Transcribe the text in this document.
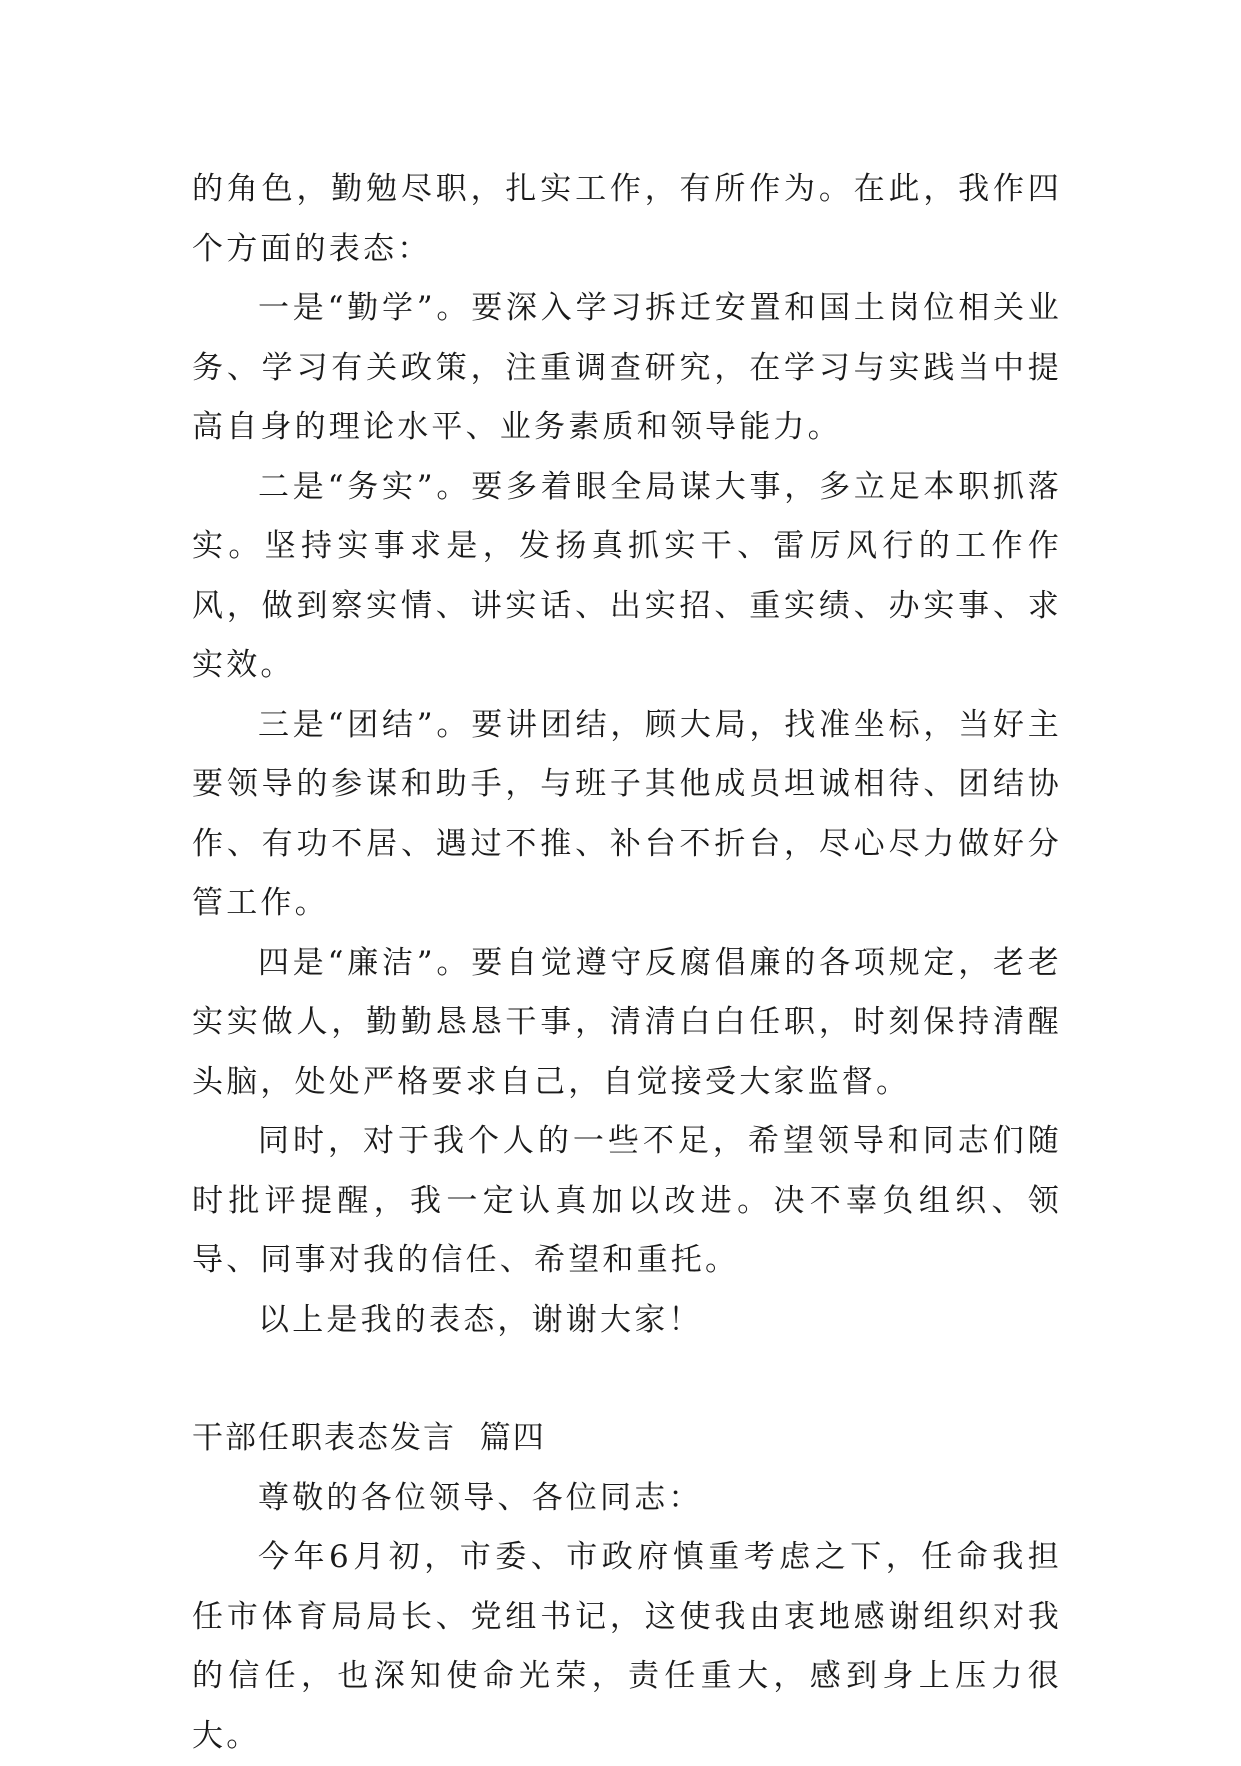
的角色，勤勉尽职，扎实工作，有所作为。在此，我作四个方面的表态：

一是“勤学”。要深入学习拆迁安置和国土岗位相关业务、学习有关政策，注重调查研究，在学习与实践当中提高自身的理论水平、业务素质和领导能力。

二是“务实”。要多着眼全局谋大事，多立足本职抓落实。坚持实事求是，发扬真抓实干、雷厉风行的工作作风，做到察实情、讲实话、出实招、重实绩、办实事、求实效。

三是“团结”。要讲团结，顾大局，找准坐标，当好主要领导的参谋和助手，与班子其他成员坦诚相待、团结协作、有功不居、遇过不推、补台不折台，尽心尽力做好分管工作。

四是“廉洁”。要自觉遵守反腐倡廉的各项规定，老老实实做人，勤勤恳恳干事，清清白白任职，时刻保持清醒头脑，处处严格要求自己，自觉接受大家监督。

同时，对于我个人的一些不足，希望领导和同志们随时批评提醒，我一定认真加以改进。决不辜负组织、领导、同事对我的信任、希望和重托。

以上是我的表态，谢谢大家！

干部任职表态发言  篇四

尊敬的各位领导、各位同志：

今年6月初，市委、市政府慎重考虑之下，任命我担任市体育局局长、党组书记，这使我由衷地感谢组织对我的信任，也深知使命光荣，责任重大，感到身上压力很大。
